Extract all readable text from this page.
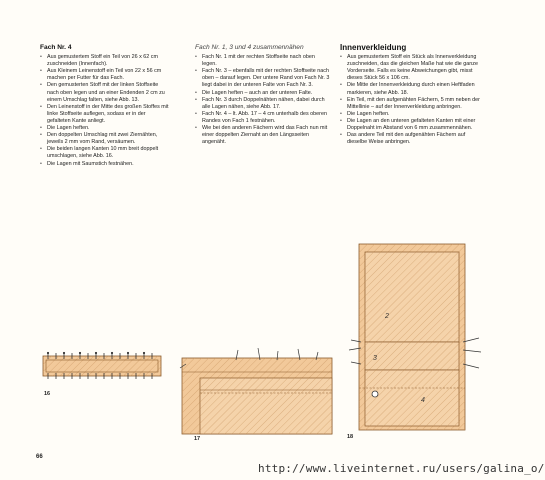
Fach Nr. 4
• Aus gemustertem Stoff ein Teil von 26 x 62 cm zuschneiden (Innenfach).
• Aus Kleinem Leinenstoff ein Teil von 22 x 56 cm machen per Futter für das Fach.
• Den gemusterten Stoff mit der linken Stoffseite nach oben legen und an einer Endenden 2 cm zu einem Umschlag falten, siehe Abb. 13.
• Den Leinenstoff in der Mitte des großen Stoffes mit linke Stoffseite auflegen, sodass er in der gefalteten Kante anliegt.
• Die Lagen heften.
• Den doppelten Umschlag mit zwei Ziernähten, jeweils 2 mm vom Rand, versäumen.
• Die beiden langen Kanten 10 mm breit doppelt umschlagen, siehe Abb. 16.
• Die Lagen mit Saumstich festnähen.
Fach Nr. 1, 3 und 4 zusammennähen
• Fach Nr. 1 mit der rechten Stoffseite nach oben legen.
• Fach Nr. 3 – ebenfalls mit der rechten Stoffseite nach oben – darauf legen. Der untere Rand von Fach Nr. 3 liegt dabei in der unteren Falte von Fach Nr. 3.
• Die Lagen heften – auch an der unteren Falte.
• Fach Nr. 3 durch Doppelnähten nähen, dabei durch alle Lagen nähen, siehe Abb. 17.
• Fach Nr. 4 – lt. Abb. 17 – 4 cm unterhalb des oberen Randes von Fach 1 festnähen.
• Wie bei den anderen Fächern wird das Fach nun mit einer doppelten Ziernaht an den Längsseiten angenäht.
Innenverkleidung
• Aus gemustertem Stoff ein Stück als Innenverkleidung zuschneiden, das die gleichen Maße hat wie die ganze Vorderseite. Falls es keine Abweichungen gibt, misst dieses Stück 56 x 106 cm.
• Die Mitte der Innenverkleidung durch einen Heftfaden markieren, siehe Abb. 18.
• Ein Teil, mit den aufgenähten Fächern, 5 mm neben der Mittellinie – auf der Innenverkleidung anbringen.
• Die Lagen heften.
• Die Lagen an den unteren gefalteten Kanten mit einer Doppelnaht im Abstand von 6 mm zusammennähen.
• Das andere Teil mit den aufgenähten Fächern auf dieselbe Weise anbringen.
16
17
2
3
4
18
66
http://www.liveinternet.ru/users/galina_o/
